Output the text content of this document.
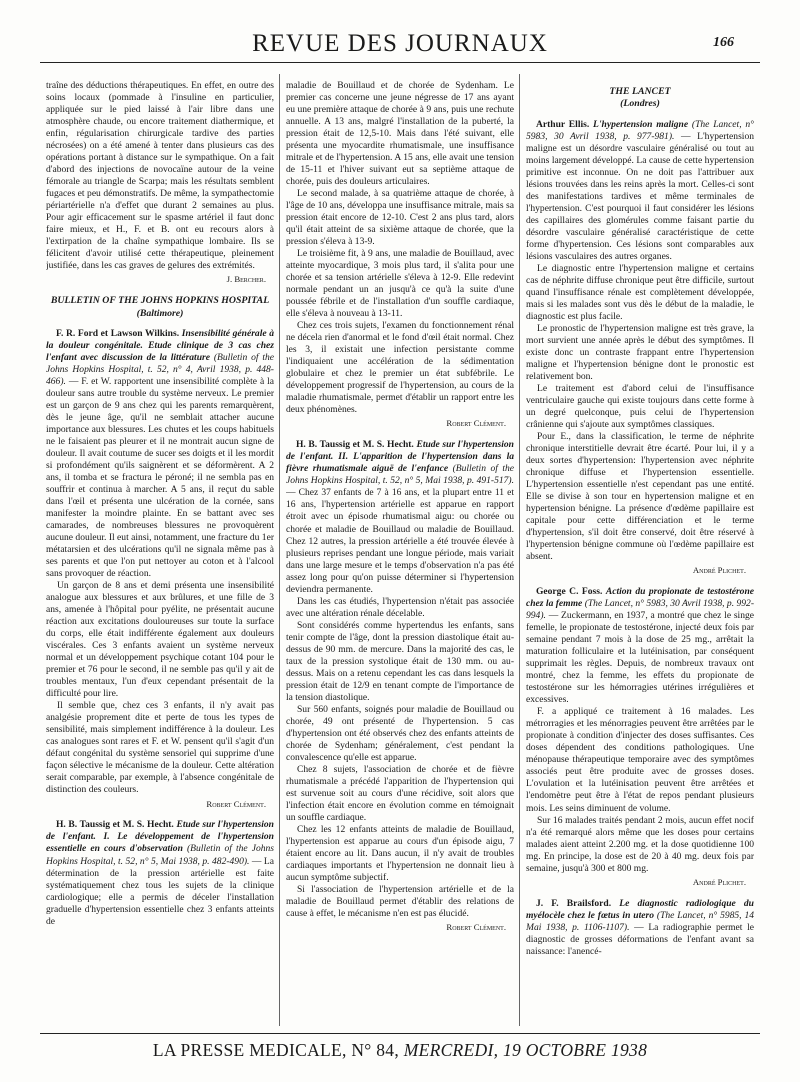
REVUE DES JOURNAUX	166

traîne des déductions thérapeutiques. En effet, en outre des soins locaux (pommade à l'insuline en particulier, appliquée sur le pied laissé à l'air libre dans une atmosphère chaude, ou encore traitement diathermique, et enfin, régularisation chirurgicale tardive des parties nécrosées) on a été amené à tenter dans plusieurs cas des opérations portant à distance sur le sympathique. On a fait d'abord des injections de novocaïne autour de la veine fémorale au triangle de Scarpa; mais les résultats semblent fugaces et peu démonstratifs. De même, la sympathectomie périartérielle n'a d'effet que durant 2 semaines au plus. Pour agir efficacement sur le spasme artériel il faut donc faire mieux, et H., F. et B. ont eu recours alors à l'extirpation de la chaîne sympathique lombaire. Ils se félicitent d'avoir utilisé cette thérapeutique, pleinement justifiée, dans les cas graves de gelures des extrémités.

J. Bercher.
BULLETIN OF THE JOHNS HOPKINS HOSPITAL
(Baltimore)

F. R. Ford et Lawson Wilkins. Insensibilité générale à la douleur congénitale. Etude clinique de 3 cas chez l'enfant avec discussion de la littérature (Bulletin of the Johns Hopkins Hospital, t. 52, n° 4, Avril 1938, p. 448-466). — F. et W. rapportent une insensibilité complète à la douleur sans autre trouble du système nerveux. Le premier est un garçon de 9 ans chez qui les parents remarquèrent, dès le jeune âge, qu'il ne semblait attacher aucune importance aux blessures. Les chutes et les coups habituels ne le faisaient pas pleurer et il ne montrait aucun signe de douleur. Il avait coutume de sucer ses doigts et il les mordit si profondément qu'ils saignèrent et se déformèrent. A 2 ans, il tomba et se fractura le péroné; il ne sembla pas en souffrir et continua à marcher. A 5 ans, il reçut du sable dans l'œil et présenta une ulcération de la cornée, sans manifester la moindre plainte. En se battant avec ses camarades, de nombreuses blessures ne provoquèrent aucune douleur. Il eut ainsi, notamment, une fracture du 1er métatarsien et des ulcérations qu'il ne signala même pas à ses parents et que l'on put nettoyer au coton et à l'alcool sans provoquer de réaction.

Un garçon de 8 ans et demi présenta une insensibilité analogue aux blessures et aux brûlures, et une fille de 3 ans, amenée à l'hôpital pour pyélite, ne présentait aucune réaction aux excitations douloureuses sur toute la surface du corps, elle était indifférente également aux douleurs viscérales. Ces 3 enfants avaient un système nerveux normal et un développement psychique cotant 104 pour le premier et 76 pour le second, il ne semble pas qu'il y ait de troubles mentaux, l'un d'eux cependant présentait de la difficulté pour lire.

Il semble que, chez ces 3 enfants, il n'y avait pas analgésie proprement dite et perte de tous les types de sensibilité, mais simplement indifférence à la douleur. Les cas analogues sont rares et F. et W. pensent qu'il s'agit d'un défaut congénital du système sensoriel qui supprime d'une façon sélective le mécanisme de la douleur. Cette altération serait comparable, par exemple, à l'absence congénitale de distinction des couleurs.

Robert Clément.

H. B. Taussig et M. S. Hecht. Etude sur l'hypertension de l'enfant. I. Le développement de l'hypertension essentielle en cours d'observation (Bulletin of the Johns Hopkins Hospital, t. 52, n° 5, Mai 1938, p. 482-490). — La détermination de la pression artérielle est faite systématiquement chez tous les sujets de la clinique cardiologique; elle a permis de déceler l'installation graduelle d'hypertension essentielle chez 3 enfants atteints de

maladie de Bouillaud et de chorée de Sydenham. Le premier cas concerne une jeune négresse de 17 ans ayant eu une première attaque de chorée à 9 ans, puis une rechute annuelle. A 13 ans, malgré l'installation de la puberté, la pression était de 12,5-10. Mais dans l'été suivant, elle présenta une myocardite rhumatismale, une insuffisance mitrale et de l'hypertension. A 15 ans, elle avait une tension de 15-11 et l'hiver suivant eut sa septième attaque de chorée, puis des douleurs articulaires.

Le second malade, à sa quatrième attaque de chorée, à l'âge de 10 ans, développa une insuffisance mitrale, mais sa pression était encore de 12-10. C'est 2 ans plus tard, alors qu'il était atteint de sa sixième attaque de chorée, que la pression s'éleva à 13-9.

Le troisième fit, à 9 ans, une maladie de Bouillaud, avec atteinte myocardique, 3 mois plus tard, il s'alita pour une chorée et sa tension artérielle s'éleva à 12-9. Elle redevint normale pendant un an jusqu'à ce qu'à la suite d'une poussée fébrile et de l'installation d'un souffle cardiaque, elle s'éleva à nouveau à 13-11.

Chez ces trois sujets, l'examen du fonctionnement rénal ne décela rien d'anormal et le fond d'œil était normal. Chez les 3, il existait une infection persistante comme l'indiquaient une accélération de la sédimentation globulaire et chez le premier un état subfébrile. Le développement progressif de l'hypertension, au cours de la maladie rhumatismale, permet d'établir un rapport entre les deux phénomènes.

Robert Clément.

H. B. Taussig et M. S. Hecht. Etude sur l'hypertension de l'enfant. II. L'apparition de l'hypertension dans la fièvre rhumatismale aiguë de l'enfance (Bulletin of the Johns Hopkins Hospital, t. 52, n° 5, Mai 1938, p. 491-517). — Chez 37 enfants de 7 à 16 ans, et la plupart entre 11 et 16 ans, l'hypertension artérielle est apparue en rapport étroit avec un épisode rhumatismal aigu: ou chorée ou chorée et maladie de Bouillaud ou maladie de Bouillaud. Chez 12 autres, la pression artérielle a été trouvée élevée à plusieurs reprises pendant une longue période, mais variait dans une large mesure et le temps d'observation n'a pas été assez long pour qu'on puisse déterminer si l'hypertension deviendra permanente.

Dans les cas étudiés, l'hypertension n'était pas associée avec une altération rénale décelable.

Sont considérés comme hypertendus les enfants, sans tenir compte de l'âge, dont la pression diastolique était au-dessus de 90 mm. de mercure. Dans la majorité des cas, le taux de la pression systolique était de 130 mm. ou au-dessus. Mais on a retenu cependant les cas dans lesquels la pression était de 12/9 en tenant compte de l'importance de la tension diastolique.

Sur 560 enfants, soignés pour maladie de Bouillaud ou chorée, 49 ont présenté de l'hypertension. 5 cas d'hypertension ont été observés chez des enfants atteints de chorée de Sydenham; généralement, c'est pendant la convalescence qu'elle est apparue.

Chez 8 sujets, l'association de chorée et de fièvre rhumatismale a précédé l'apparition de l'hypertension qui est survenue soit au cours d'une récidive, soit alors que l'infection était encore en évolution comme en témoignait un souffle cardiaque.

Chez les 12 enfants atteints de maladie de Bouillaud, l'hypertension est apparue au cours d'un épisode aigu, 7 étaient encore au lit. Dans aucun, il n'y avait de troubles cardiaques importants et l'hypertension ne donnait lieu à aucun symptôme subjectif.

Si l'association de l'hypertension artérielle et de la maladie de Bouillaud permet d'établir des relations de cause à effet, le mécanisme n'en est pas élucidé.

Robert Clément.
THE LANCET
(Londres)

Arthur Ellis. L'hypertension maligne (The Lancet, n° 5983, 30 Avril 1938, p. 977-981). — L'hypertension maligne est un désordre vasculaire généralisé ou tout au moins largement développé. La cause de cette hypertension primitive est inconnue. On ne doit pas l'attribuer aux lésions trouvées dans les reins après la mort. Celles-ci sont des manifestations tardives et même terminales de l'hypertension. C'est pourquoi il faut considérer les lésions des capillaires des glomérules comme faisant partie du désordre vasculaire généralisé caractéristique de cette forme d'hypertension. Ces lésions sont comparables aux lésions vasculaires des autres organes.

Le diagnostic entre l'hypertension maligne et certains cas de néphrite diffuse chronique peut être difficile, surtout quand l'insuffisance rénale est complètement développée, mais si les malades sont vus dès le début de la maladie, le diagnostic est plus facile.

Le pronostic de l'hypertension maligne est très grave, la mort survient une année après le début des symptômes. Il existe donc un contraste frappant entre l'hypertension maligne et l'hypertension bénigne dont le pronostic est relativement bon.

Le traitement est d'abord celui de l'insuffisance ventriculaire gauche qui existe toujours dans cette forme à un degré quelconque, puis celui de l'hypertension crânienne qui s'ajoute aux symptômes classiques.

Pour E., dans la classification, le terme de néphrite chronique interstitielle devrait être écarté. Pour lui, il y a deux sortes d'hypertension: l'hypertension avec néphrite chronique diffuse et l'hypertension essentielle. L'hypertension essentielle n'est cependant pas une entité. Elle se divise à son tour en hypertension maligne et en hypertension bénigne. La présence d'œdème papillaire est capitale pour cette différenciation et le terme d'hypertension, s'il doit être conservé, doit être réservé à l'hypertension bénigne commune où l'œdème papillaire est absent.

André Plichet.

George C. Foss. Action du propionate de testostérone chez la femme (The Lancet, n° 5983, 30 Avril 1938, p. 992-994). — Zuckermann, en 1937, a montré que chez le singe femelle, le propionate de testostérone, injecté deux fois par semaine pendant 7 mois à la dose de 25 mg., arrêtait la maturation folliculaire et la lutéinisation, par conséquent supprimait les règles. Depuis, de nombreux travaux ont montré, chez la femme, les effets du propionate de testostérone sur les hémorragies utérines irrégulières et excessives.

F. a appliqué ce traitement à 16 malades. Les métrorragies et les ménorragies peuvent être arrêtées par le propionate à condition d'injecter des doses suffisantes. Ces doses dépendent des conditions pathologiques. Une ménopause thérapeutique temporaire avec des symptômes associés peut être produite avec de grosses doses. L'ovulation et la lutéinisation peuvent être arrêtées et l'endomètre peut être à l'état de repos pendant plusieurs mois. Les seins diminuent de volume.

Sur 16 malades traités pendant 2 mois, aucun effet nocif n'a été remarqué alors même que les doses pour certains malades aient atteint 2.200 mg. et la dose quotidienne 100 mg. En principe, la dose est de 20 à 40 mg. deux fois par semaine, jusqu'à 300 et 800 mg.

André Plichet.

J. F. Brailsford. Le diagnostic radiologique du myélocèle chez le fœtus in utero (The Lancet, n° 5985, 14 Mai 1938, p. 1106-1107). — La radiographie permet le diagnostic de grosses déformations de l'enfant avant sa naissance: l'anencé-

LA PRESSE MEDICALE, N° 84, MERCREDI, 19 OCTOBRE 1938
